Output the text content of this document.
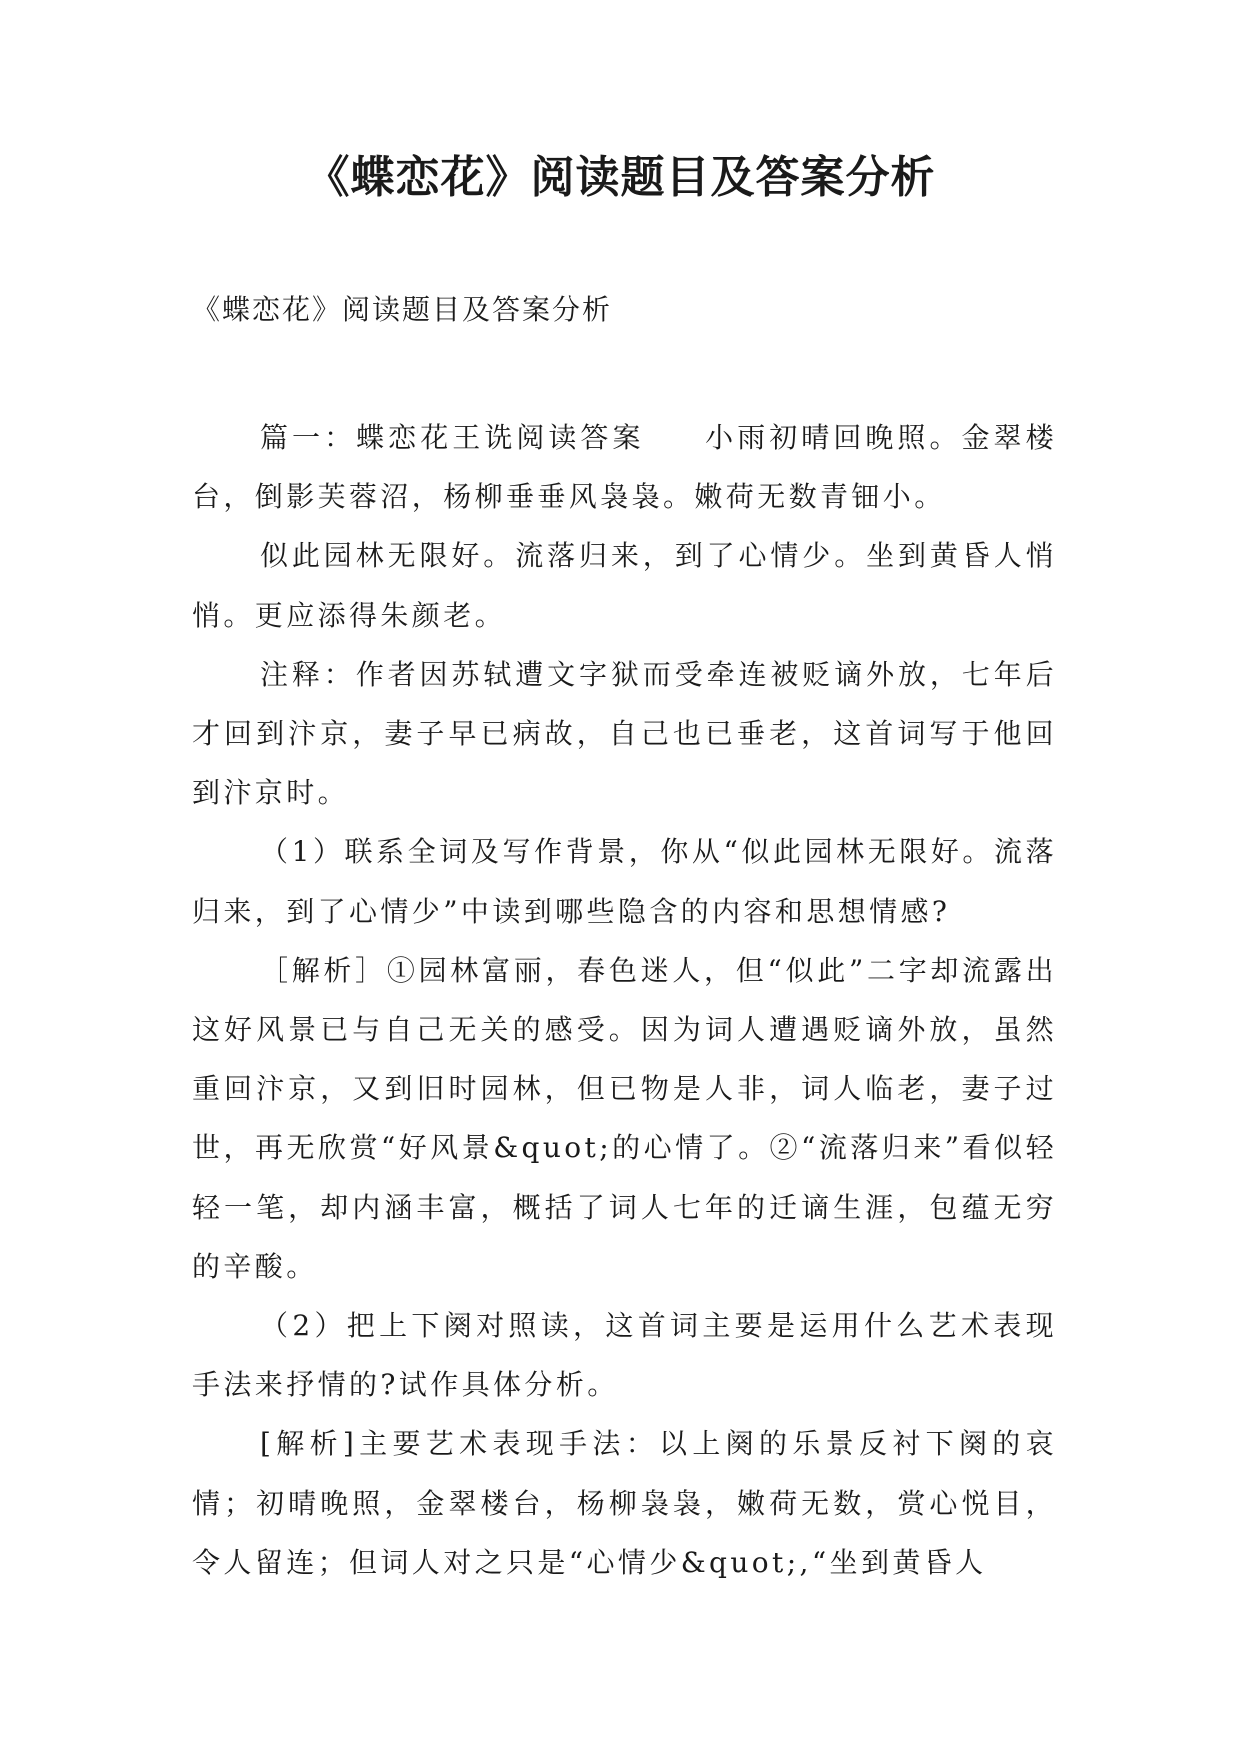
《蝶恋花》阅读题目及答案分析
《蝶恋花》阅读题目及答案分析

篇一：蝶恋花王诜阅读答案 小雨初晴回晚照。金翠楼台，倒影芙蓉沼，杨柳垂垂风袅袅。嫩荷无数青钿小。

似此园林无限好。流落归来，到了心情少。坐到黄昏人悄悄。更应添得朱颜老。

注释：作者因苏轼遭文字狱而受牵连被贬谪外放，七年后才回到汴京，妻子早已病故，自己也已垂老，这首词写于他回到汴京时。

（1）联系全词及写作背景，你从“似此园林无限好。流落归来，到了心情少”中读到哪些隐含的内容和思想情感?

［解析］①园林富丽，春色迷人，但“似此”二字却流露出这好风景已与自己无关的感受。因为词人遭遇贬谪外放，虽然重回汴京，又到旧时园林，但已物是人非，词人临老，妻子过世，再无欣赏“好风景&quot;的心情了。②“流落归来”看似轻轻一笔，却内涵丰富，概括了词人七年的迁谪生涯，包蕴无穷的辛酸。

（2）把上下阕对照读，这首词主要是运用什么艺术表现手法来抒情的?试作具体分析。

[解析]主要艺术表现手法：以上阕的乐景反衬下阕的哀情；初晴晚照，金翠楼台，杨柳袅袅，嫩荷无数，赏心悦目，令人留连；但词人对之只是“心情少&quot;,“坐到黄昏人
